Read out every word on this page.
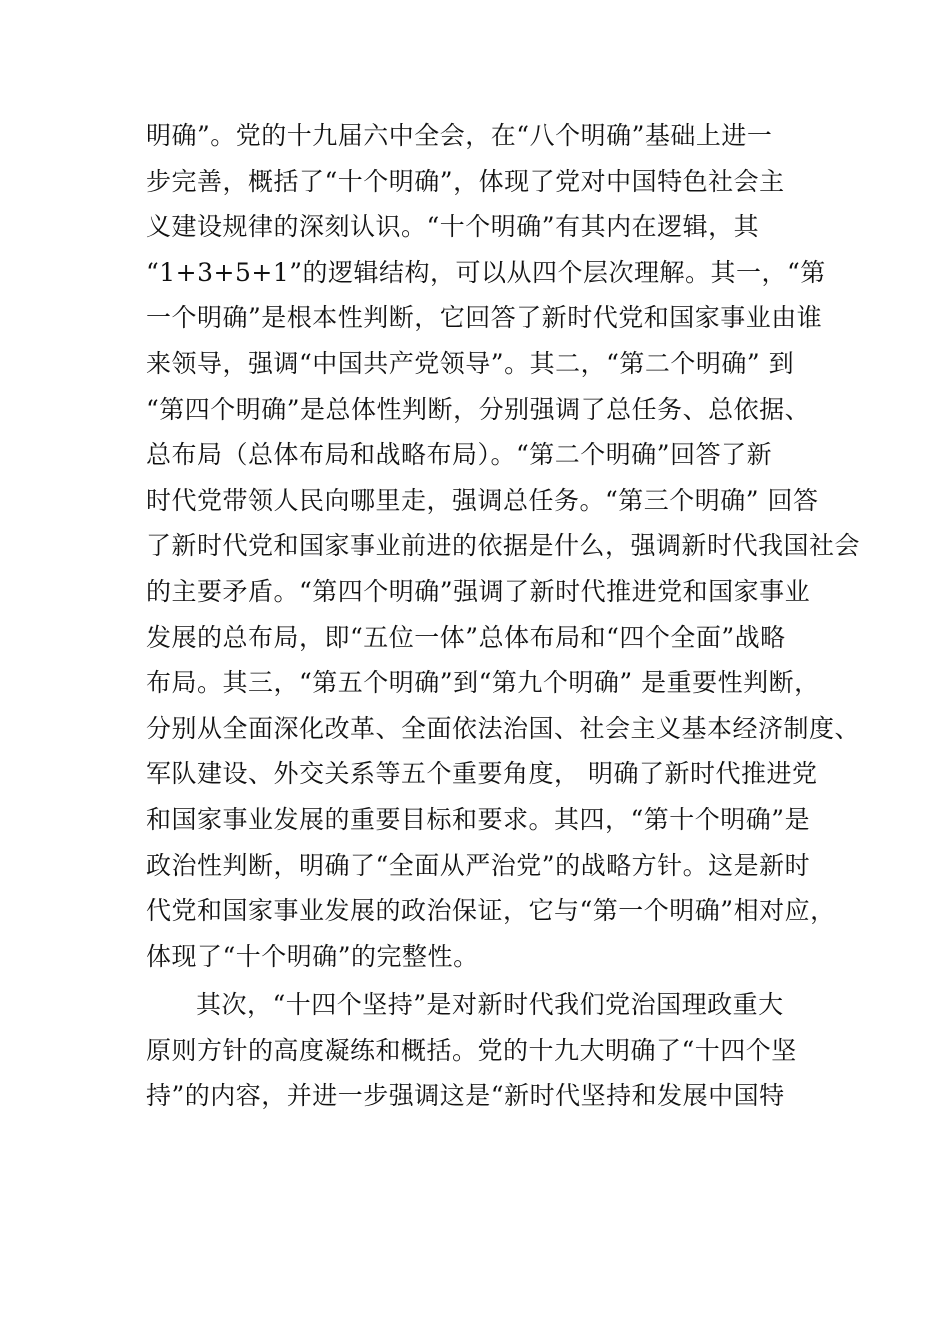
明确”。党的十九届六中全会，在“八个明确”基础上进一
步完善，概括了“十个明确”，体现了党对中国特色社会主
义建设规律的深刻认识。“十个明确”有其内在逻辑，其
“1+3+5+1”的逻辑结构，可以从四个层次理解。其一，“第
一个明确”是根本性判断，它回答了新时代党和国家事业由谁
来领导，强调“中国共产党领导”。其二，“第二个明确” 到
“第四个明确”是总体性判断，分别强调了总任务、总依据、
总布局（总体布局和战略布局）。“第二个明确”回答了新
时代党带领人民向哪里走，强调总任务。“第三个明确” 回答
了新时代党和国家事业前进的依据是什么，强调新时代我国社会
的主要矛盾。“第四个明确”强调了新时代推进党和国家事业
发展的总布局，即“五位一体”总体布局和“四个全面”战略
布局。其三，“第五个明确”到“第九个明确” 是重要性判断，
分别从全面深化改革、全面依法治国、社会主义基本经济制度、
军队建设、外交关系等五个重要角度， 明确了新时代推进党
和国家事业发展的重要目标和要求。其四，“第十个明确”是
政治性判断，明确了“全面从严治党”的战略方针。这是新时
代党和国家事业发展的政治保证，它与“第一个明确”相对应，
体现了“十个明确”的完整性。
其次，“十四个坚持”是对新时代我们党治国理政重大
原则方针的高度凝练和概括。党的十九大明确了“十四个坚
持”的内容，并进一步强调这是“新时代坚持和发展中国特
